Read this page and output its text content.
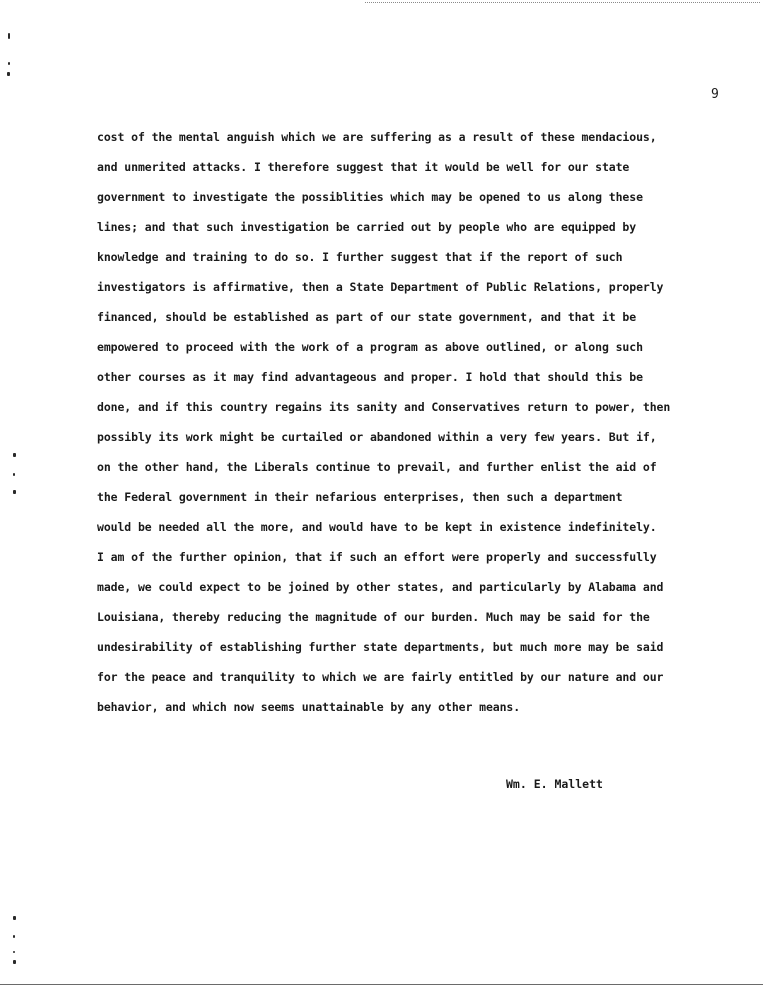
9
cost of the mental anguish which we are suffering as a result of these mendacious,
and unmerited attacks. I therefore suggest that it would be well for our state
government to investigate the possiblities which may be opened to us along these
lines; and that such investigation be carried out by people who are equipped by
knowledge and training to do so. I further suggest that if the report of such
investigators is affirmative, then a State Department of Public Relations, properly
financed, should be established as part of our state government, and that it be
empowered to proceed with the work of a program as above outlined, or along such
other courses as it may find advantageous and proper. I hold that should this be
done, and if this country regains its sanity and Conservatives return to power, then
possibly its work might be curtailed or abandoned within a very few years. But if,
on the other hand, the Liberals continue to prevail, and further enlist the aid of
the Federal government in their nefarious enterprises, then such a department
would be needed all the more, and would have to be kept in existence indefinitely.
I am of the further opinion, that if such an effort were properly and successfully
made, we could expect to be joined by other states, and particularly by Alabama and
Louisiana, thereby reducing the magnitude of our burden. Much may be said for the
undesirability of establishing further state departments, but much more may be said
for the peace and tranquility to which we are fairly entitled by our nature and our
behavior, and which now seems unattainable by any other means.
Wm. E. Mallett
